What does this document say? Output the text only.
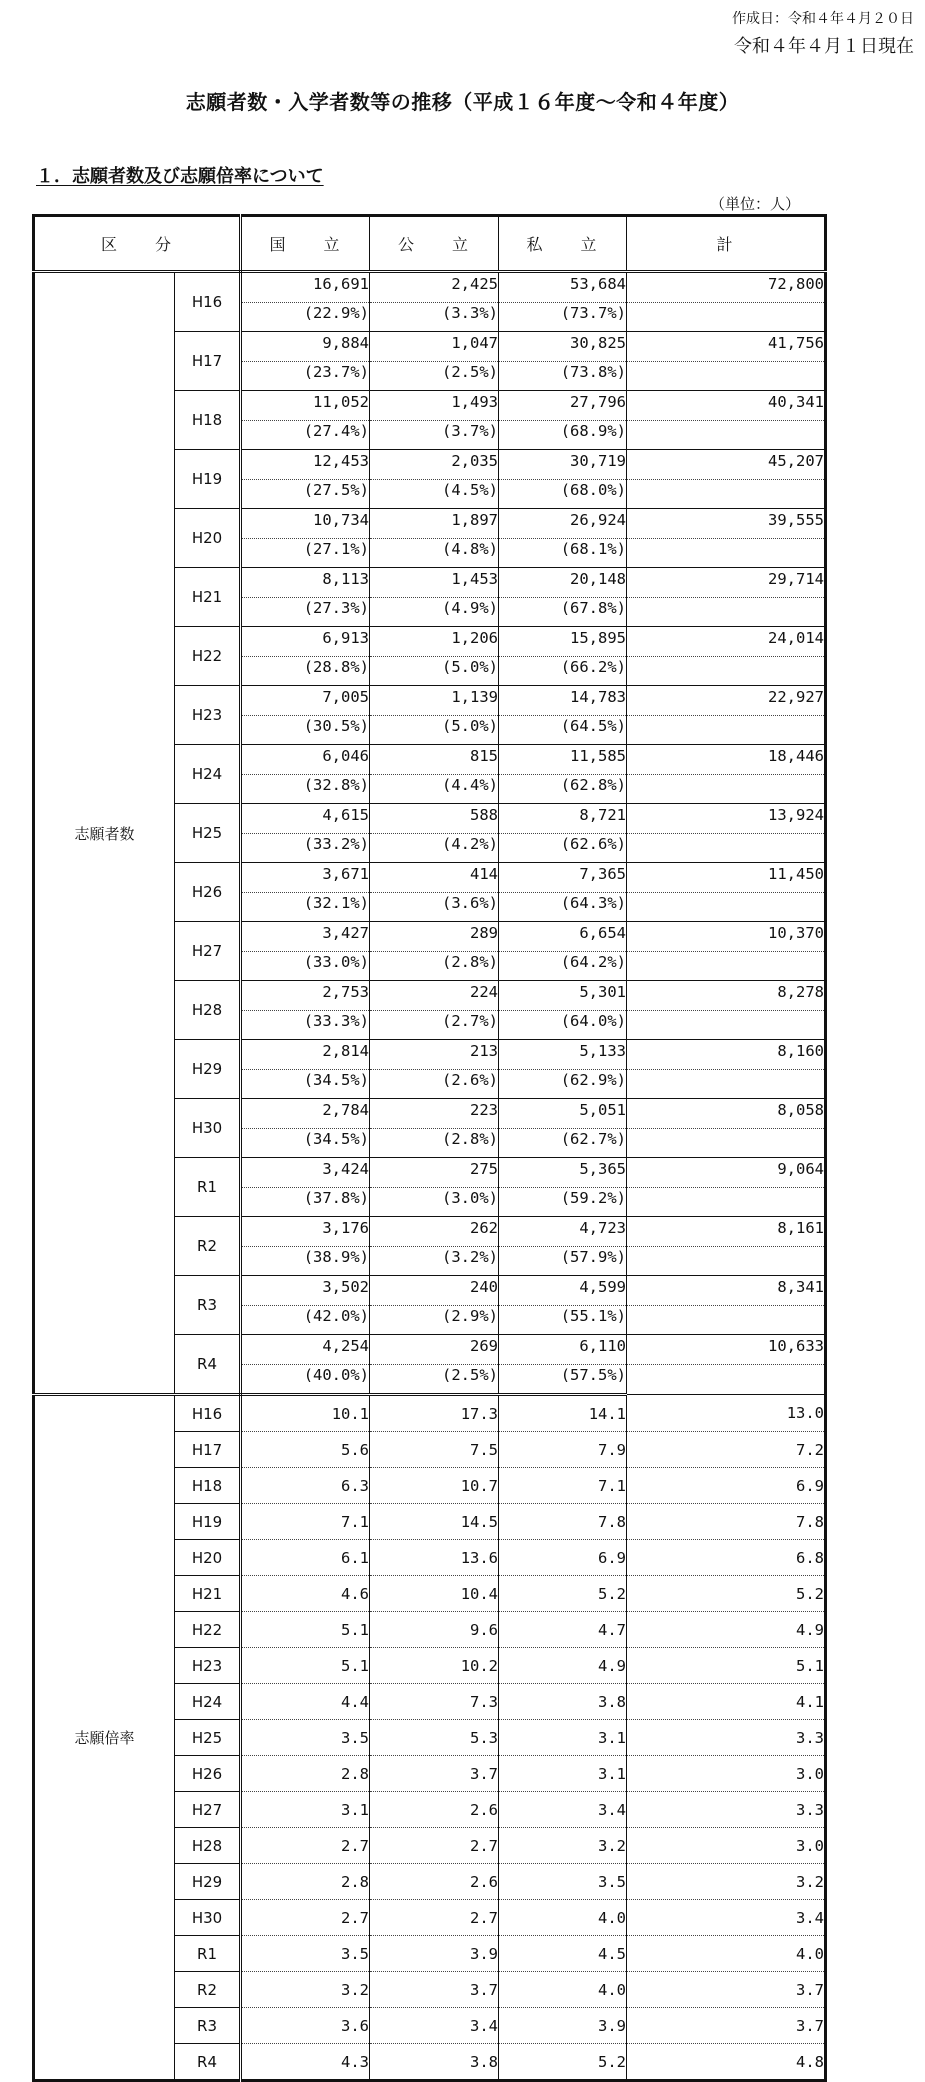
作成日：令和４年４月２０日
令和４年４月１日現在
志願者数・入学者数等の推移（平成１６年度～令和４年度）
１．志願者数及び志願倍率について
（単位：人）
区　　分		国　　立	公　　立	私　　立	計
志願者数	H16	16,691	2,425	53,684	72,800
		(22.9%)	(3.3%)	(73.7%)	
	H17	9,884	1,047	30,825	41,756
		(23.7%)	(2.5%)	(73.8%)	
	H18	11,052	1,493	27,796	40,341
		(27.4%)	(3.7%)	(68.9%)	
	H19	12,453	2,035	30,719	45,207
		(27.5%)	(4.5%)	(68.0%)	
	H20	10,734	1,897	26,924	39,555
		(27.1%)	(4.8%)	(68.1%)	
	H21	8,113	1,453	20,148	29,714
		(27.3%)	(4.9%)	(67.8%)	
	H22	6,913	1,206	15,895	24,014
		(28.8%)	(5.0%)	(66.2%)	
	H23	7,005	1,139	14,783	22,927
		(30.5%)	(5.0%)	(64.5%)	
	H24	6,046	815	11,585	18,446
		(32.8%)	(4.4%)	(62.8%)	
	H25	4,615	588	8,721	13,924
		(33.2%)	(4.2%)	(62.6%)	
	H26	3,671	414	7,365	11,450
		(32.1%)	(3.6%)	(64.3%)	
	H27	3,427	289	6,654	10,370
		(33.0%)	(2.8%)	(64.2%)	
	H28	2,753	224	5,301	8,278
		(33.3%)	(2.7%)	(64.0%)	
	H29	2,814	213	5,133	8,160
		(34.5%)	(2.6%)	(62.9%)	
	H30	2,784	223	5,051	8,058
		(34.5%)	(2.8%)	(62.7%)	
	R1	3,424	275	5,365	9,064
		(37.8%)	(3.0%)	(59.2%)	
	R2	3,176	262	4,723	8,161
		(38.9%)	(3.2%)	(57.9%)	
	R3	3,502	240	4,599	8,341
		(42.0%)	(2.9%)	(55.1%)	
	R4	4,254	269	6,110	10,633
		(40.0%)	(2.5%)	(57.5%)	
志願倍率	H16	10.1	17.3	14.1	13.0
	H17	5.6	7.5	7.9	7.2
	H18	6.3	10.7	7.1	6.9
	H19	7.1	14.5	7.8	7.8
	H20	6.1	13.6	6.9	6.8
	H21	4.6	10.4	5.2	5.2
	H22	5.1	9.6	4.7	4.9
	H23	5.1	10.2	4.9	5.1
	H24	4.4	7.3	3.8	4.1
	H25	3.5	5.3	3.1	3.3
	H26	2.8	3.7	3.1	3.0
	H27	3.1	2.6	3.4	3.3
	H28	2.7	2.7	3.2	3.0
	H29	2.8	2.6	3.5	3.2
	H30	2.7	2.7	4.0	3.4
	R1	3.5	3.9	4.5	4.0
	R2	3.2	3.7	4.0	3.7
	R3	3.6	3.4	3.9	3.7
	R4	4.3	3.8	5.2	4.8
